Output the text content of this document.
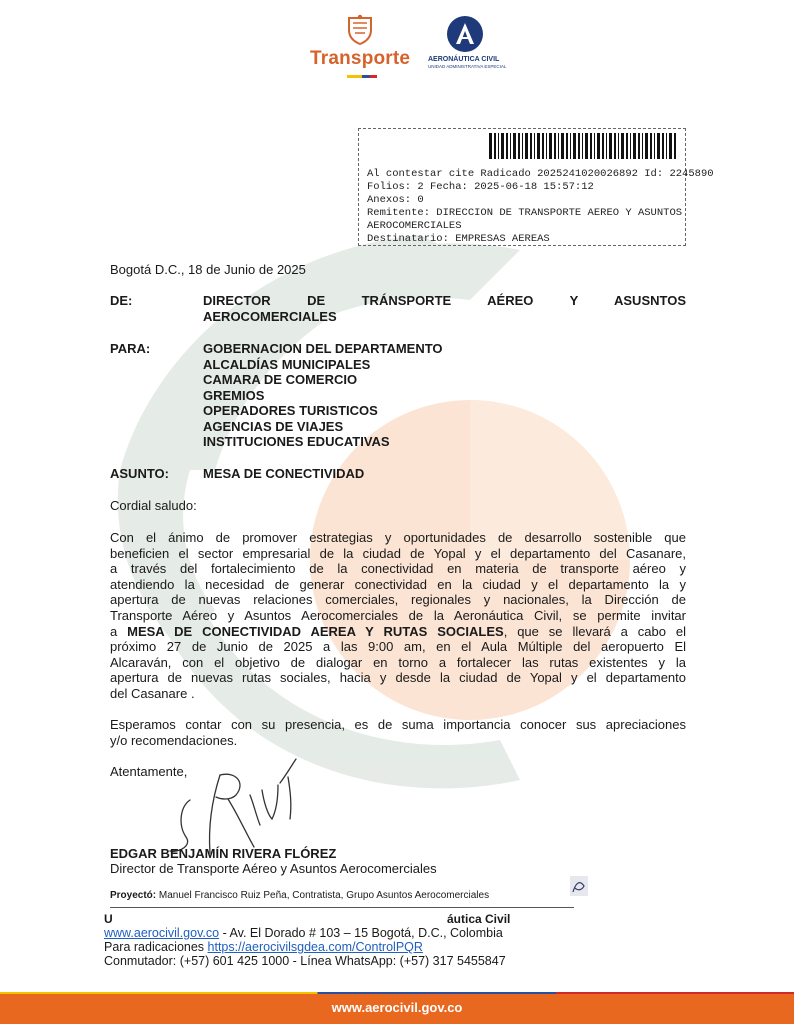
Transporte	AERONÁUTICA CIVIL
UNIDAD ADMINISTRATIVA ESPECIAL
Al contestar cite Radicado 2025241020026892 Id: 2245890
Folios: 2 Fecha: 2025-06-18 15:57:12
Anexos: 0
Remitente: DIRECCION DE TRANSPORTE AEREO Y ASUNTOS
AEROCOMERCIALES
Destinatario: EMPRESAS AEREAS
Bogotá D.C., 18 de Junio de 2025
DE:	DIRECTOR DE TRÁNSPORTE AÉREO Y ASUSNTOS
AEROCOMERCIALES
PARA:	GOBERNACION DEL DEPARTAMENTO
ALCALDÍAS MUNICIPALES
CAMARA DE COMERCIO
GREMIOS
OPERADORES TURISTICOS
AGENCIAS DE VIAJES
INSTITUCIONES EDUCATIVAS
ASUNTO:	MESA DE CONECTIVIDAD
Cordial saludo:
Con el ánimo de promover estrategias y oportunidades de desarrollo sostenible que
beneficien el sector empresarial de la ciudad de Yopal y el departamento del Casanare,
a través del fortalecimiento de la conectividad en materia de transporte aéreo y
atendiendo la necesidad de generar conectividad en la ciudad y el departamento la y
apertura de nuevas relaciones comerciales, regionales y nacionales, la Dirección de
Transporte Aéreo y Asuntos Aerocomerciales de la Aeronáutica Civil, se permite invitar
a MESA DE CONECTIVIDAD AEREA Y RUTAS SOCIALES, que se llevará a cabo el
próximo 27 de Junio de 2025 a las 9:00 am, en el Aula Múltiple del aeropuerto El
Alcaraván, con el objetivo de dialogar en torno a fortalecer las rutas existentes y la
apertura de nuevas rutas sociales, hacia y desde la ciudad de Yopal y el departamento
del Casanare .
Esperamos contar con su presencia, es de suma importancia conocer sus apreciaciones
y/o recomendaciones.
Atentamente,
EDGAR BENJAMÍN RIVERA FLÓREZ
Director de Transporte Aéreo y Asuntos Aerocomerciales
Proyectó: Manuel Francisco Ruiz Peña, Contratista, Grupo Asuntos Aerocomerciales
U	áutica Civil
www.aerocivil.gov.co - Av. El Dorado # 103 – 15 Bogotá, D.C., Colombia
Para radicaciones https://aerocivilsgdea.com/ControlPQR
Conmutador: (+57) 601 425 1000 - Línea WhatsApp: (+57) 317 5455847
www.aerocivil.gov.co
